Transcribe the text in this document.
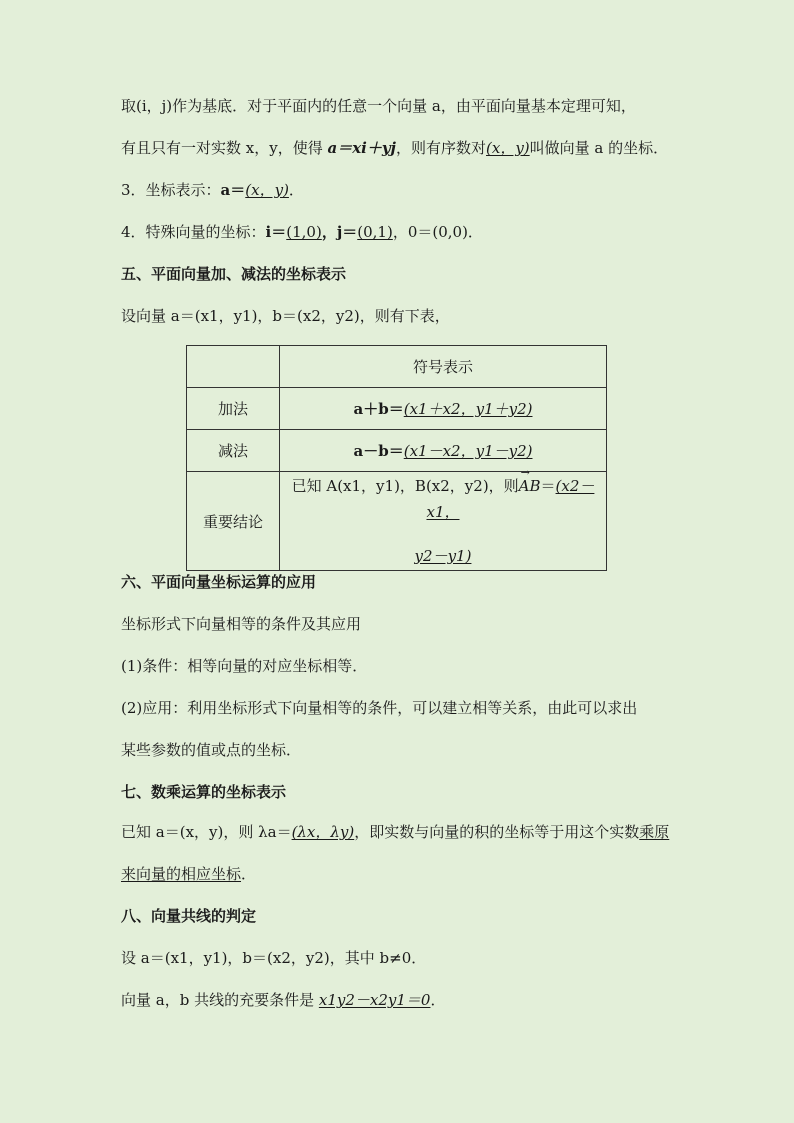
取(i，j)作为基底．对于平面内的任意一个向量 a，由平面向量基本定理可知，
有且只有一对实数 x，y，使得 a＝xi＋yj，则有序数对(x，y)叫做向量 a 的坐标．
3．坐标表示：a＝(x，y)．
4．特殊向量的坐标：i＝(1,0)，j＝(0,1)，0＝(0,0)．
五、平面向量加、减法的坐标表示
设向量 a＝(x1，y1)，b＝(x2，y2)，则有下表，
	符号表示
加法	a＋b＝(x1＋x2，y1＋y2)
减法	a－b＝(x1－x2，y1－y2)
重要结论	已知 A(x1，y1)，B(x2，y2)，则→ AB＝(x2－x1，
y2－y1)
六、平面向量坐标运算的应用
坐标形式下向量相等的条件及其应用
(1)条件：相等向量的对应坐标相等．
(2)应用：利用坐标形式下向量相等的条件，可以建立相等关系，由此可以求出
某些参数的值或点的坐标．
七、数乘运算的坐标表示
已知 a＝(x，y)，则 λa＝(λx，λy)，即实数与向量的积的坐标等于用这个实数乘原
来向量的相应坐标．
八、向量共线的判定
设 a＝(x1，y1)，b＝(x2，y2)，其中 b≠0．
向量 a，b 共线的充要条件是 x1y2－x2y1＝0．
